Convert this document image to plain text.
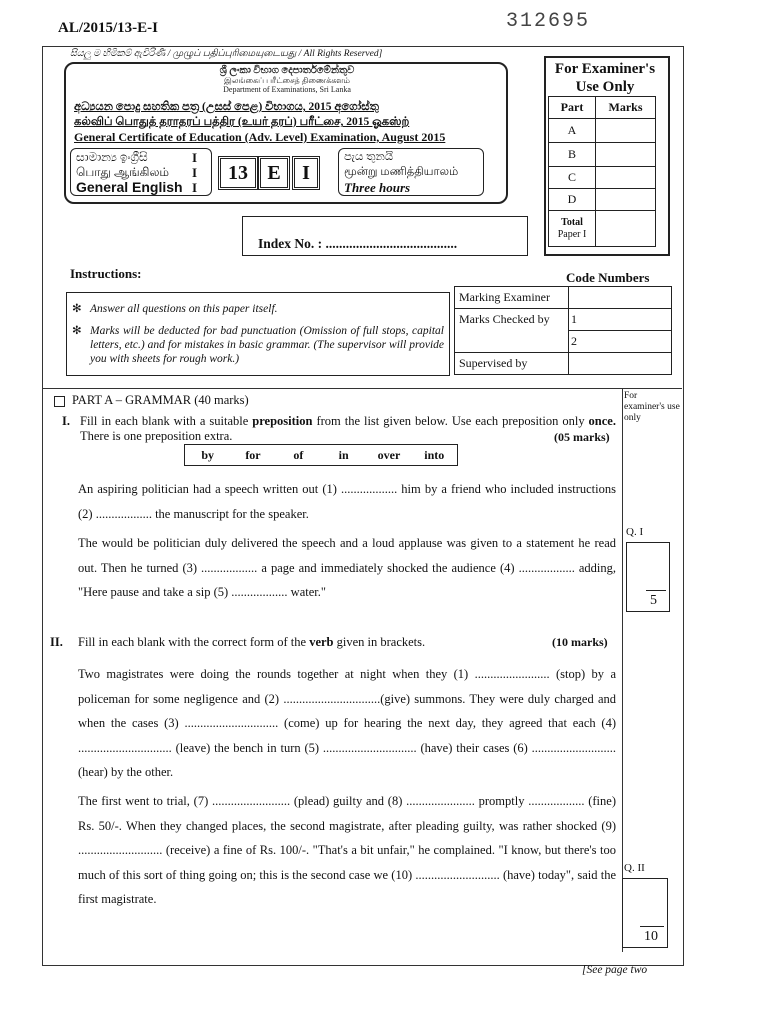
AL/2015/13-E-I	312695
සියලු ම හිමිකම් ඇවිරිණි / முழுப் பதிப்புரிமையுடையது / All Rights Reserved]
ශ්‍රී ලංකා විභාග දෙපාර්තමේන්තුව
இலங்கைப் பரீட்சைத் திணைக்களம்
Department of Examinations, Sri Lanka
අධ්‍යයන පොදු සහතික පත්‍ර (උසස් පෙළ) විභාගය, 2015 අගෝස්තු
கல்விப் பொதுத் தராதரப் பத்திர (உயர் தரப்) பரீட்சை, 2015 ஓகஸ்ற்
General Certificate of Education (Adv. Level) Examination, August 2015
සාමාන්‍ය ඉංග්‍රීසි
பொது ஆங்கிலம்
General English
I
I
I
13 E	I
පැය තුනයි
மூன்று மணித்தியாலம்
Three hours
Index No. : .......................................
For Examiner's Use Only
Part	Marks
A	
B	
C	
D	

Total
Paper I	

Instructions:
✻ Answer all questions on this paper itself.
✻ Marks will be deducted for bad punctuation (Omission of full stops, capital letters, etc.) and for mistakes in basic grammar. (The supervisor will provide you with sheets for rough work.)
Code Numbers
Marking Examiner	
Marks Checked by	1
	2
Supervised by	
For examiner's use only
PART A – GRAMMAR (40 marks)
I. Fill in each blank with a suitable preposition from the list given below. Use each preposition only once. There is one preposition extra.	(05 marks)
by	for	of	in	over	into
An aspiring politician had a speech written out (1) .................. him by a friend who included instructions (2) .................. the manuscript for the speaker.
The would be politician duly delivered the speech and a loud applause was given to a statement he read out. Then he turned (3) .................. a page and immediately shocked the audience (4) .................. adding, "Here pause and take a sip (5) .................. water."
Q. I
5
II. Fill in each blank with the correct form of the verb given in brackets.	(10 marks)
Two magistrates were doing the rounds together at night when they (1) ........................ (stop) by a policeman for some negligence and (2) ...............................(give) summons. They were duly charged and when the cases (3) .............................. (come) up for hearing the next day, they agreed that each (4) .............................. (leave) the bench in turn (5) .............................. (have) their cases (6) ........................... (hear) by the other.
The first went to trial, (7) ......................... (plead) guilty and (8) ...................... promptly .................. (fine) Rs. 50/-. When they changed places, the second magistrate, after pleading guilty, was rather shocked (9) ........................... (receive) a fine of Rs. 100/-. "That's a bit unfair," he complained. "I know, but there's too much of this sort of thing going on; this is the second case we (10) ........................... (have) today", said the first magistrate.
Q. II
10
[See page two
